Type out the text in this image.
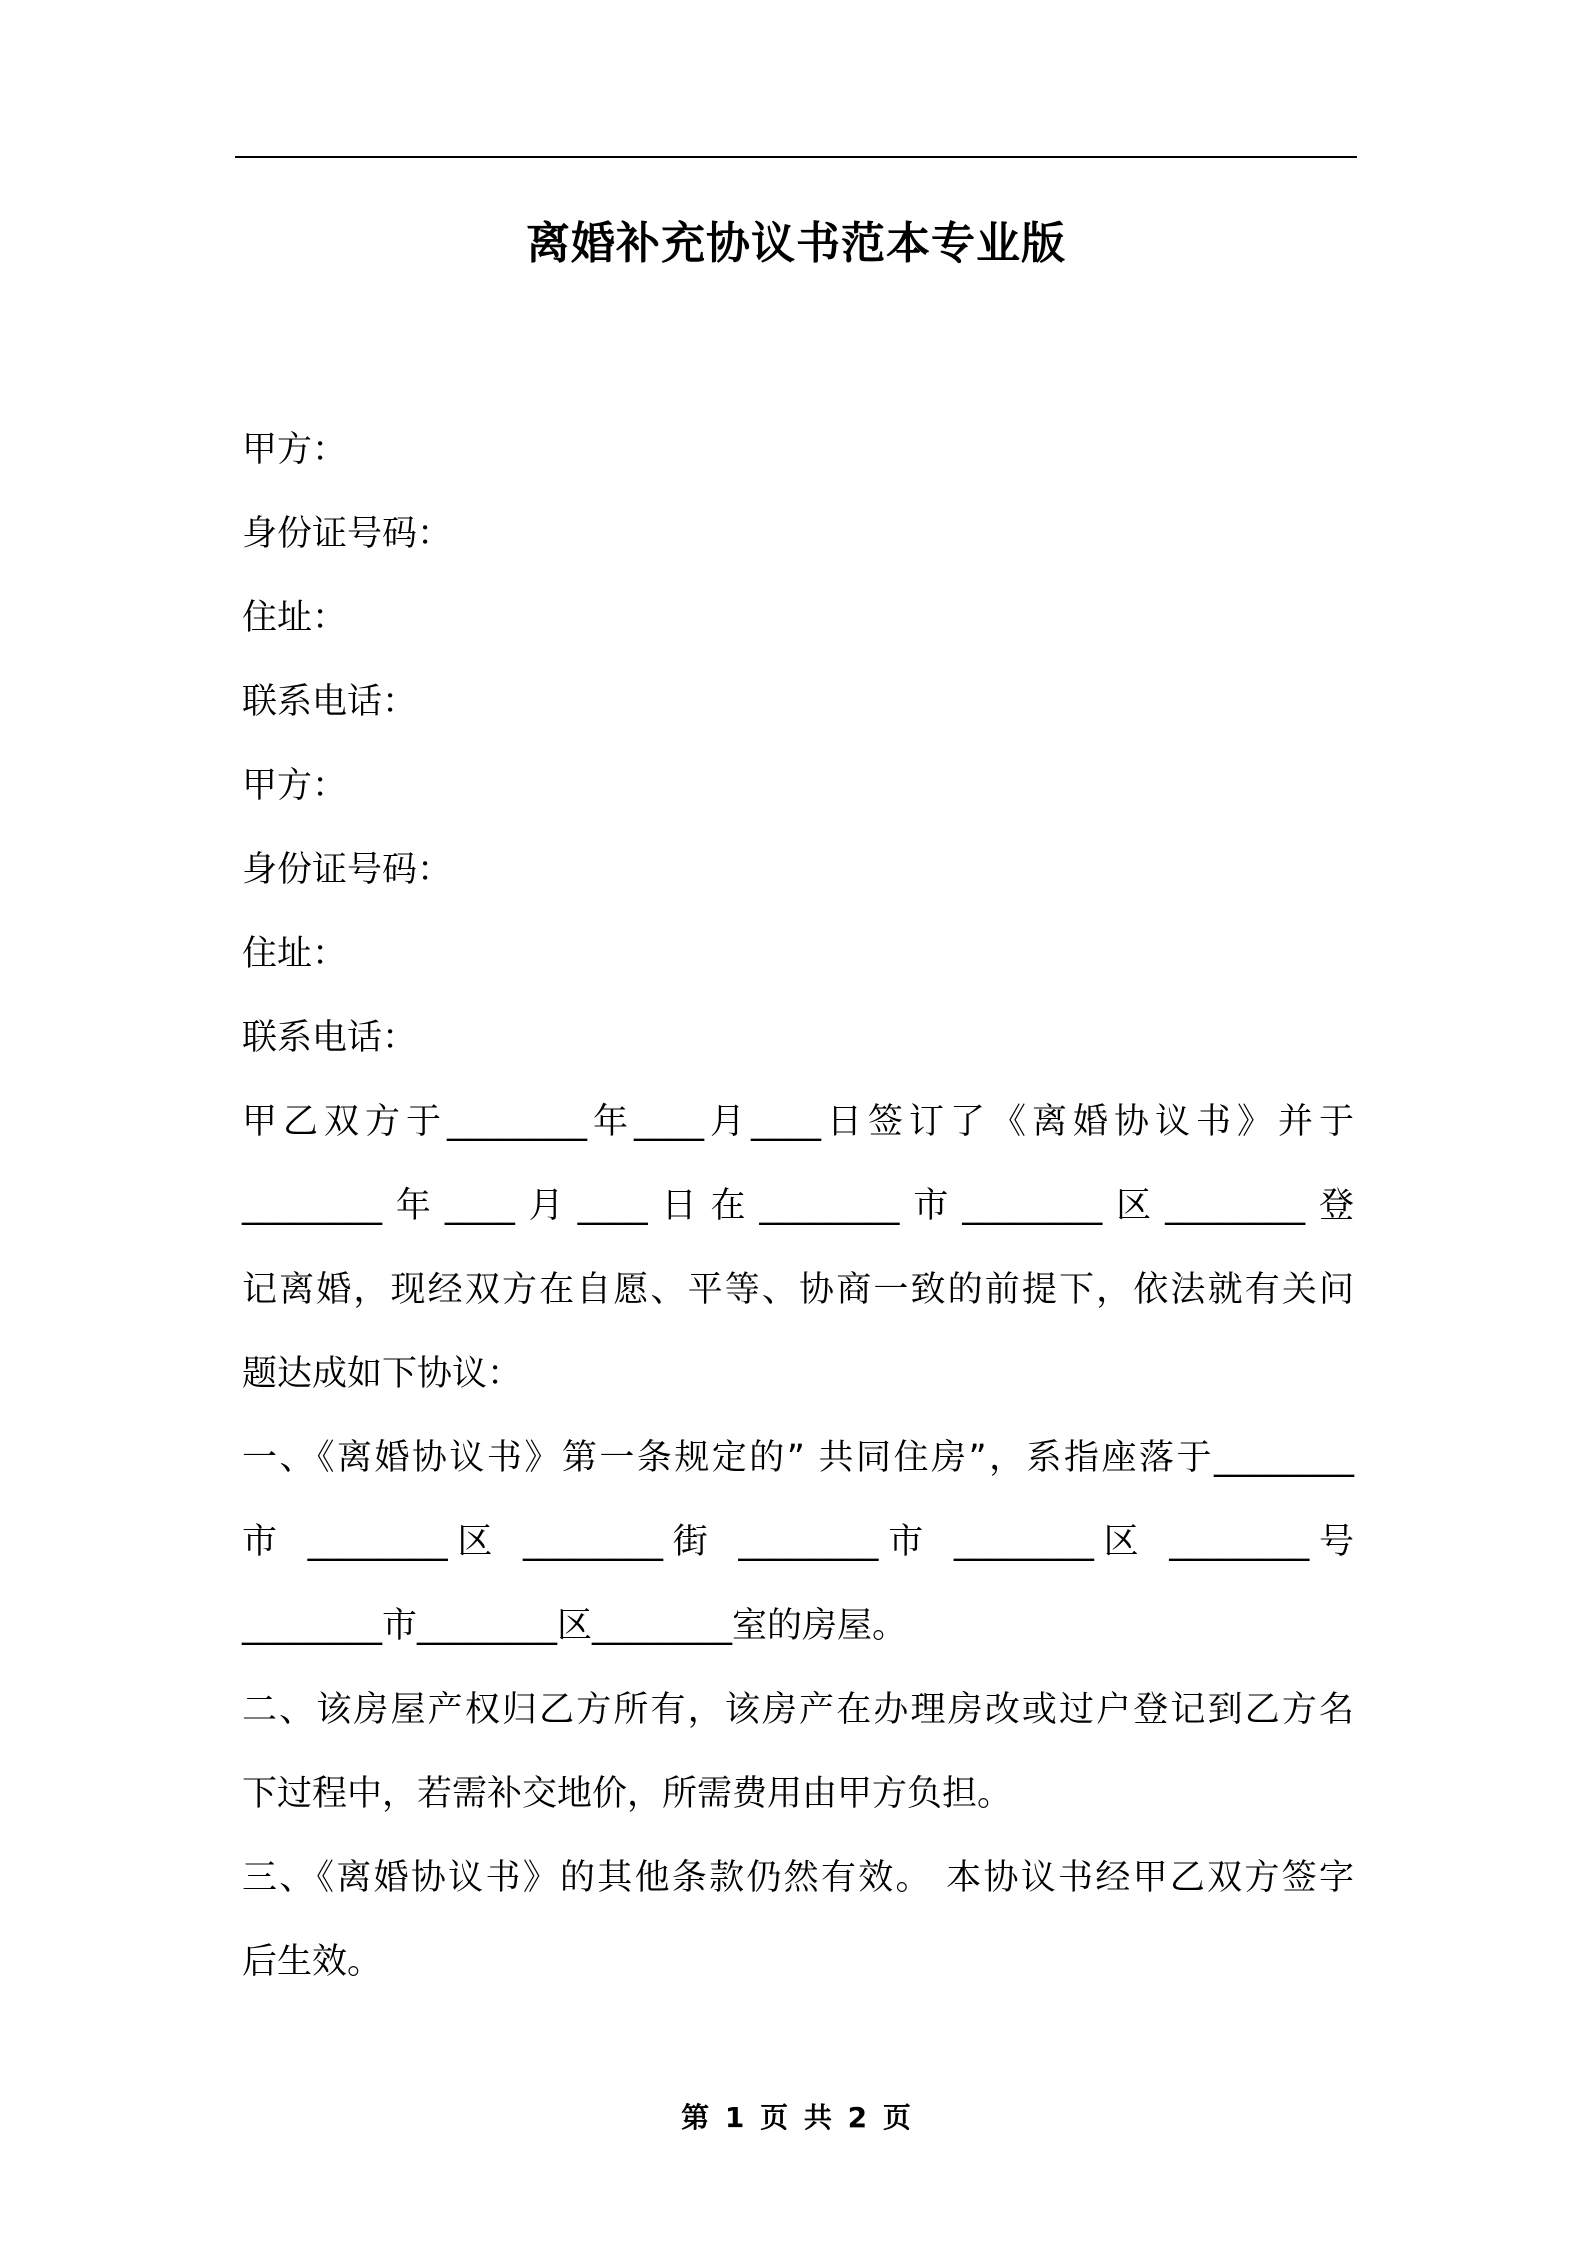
离婚补充协议书范本专业版
甲方：
身份证号码：
住址：
联系电话：
甲方：
身份证号码：
住址：
联系电话：
甲乙双方于________年____月____日签订了《离婚协议书》并于
________年____月____日在________市________区________登
记离婚，现经双方在自愿、平等、协商一致的前提下，依法就有关问
题达成如下协议：
一、《离婚协议书》第一条规定的” 共同住房”，系指座落于________
市 ________区 ________街 ________市 ________区 ________号
________市________区________室的房屋。
二、该房屋产权归乙方所有，该房产在办理房改或过户登记到乙方名
下过程中，若需补交地价，所需费用由甲方负担。
三、《离婚协议书》的其他条款仍然有效。 本协议书经甲乙双方签字
后生效。
第 1 页 共 2 页
